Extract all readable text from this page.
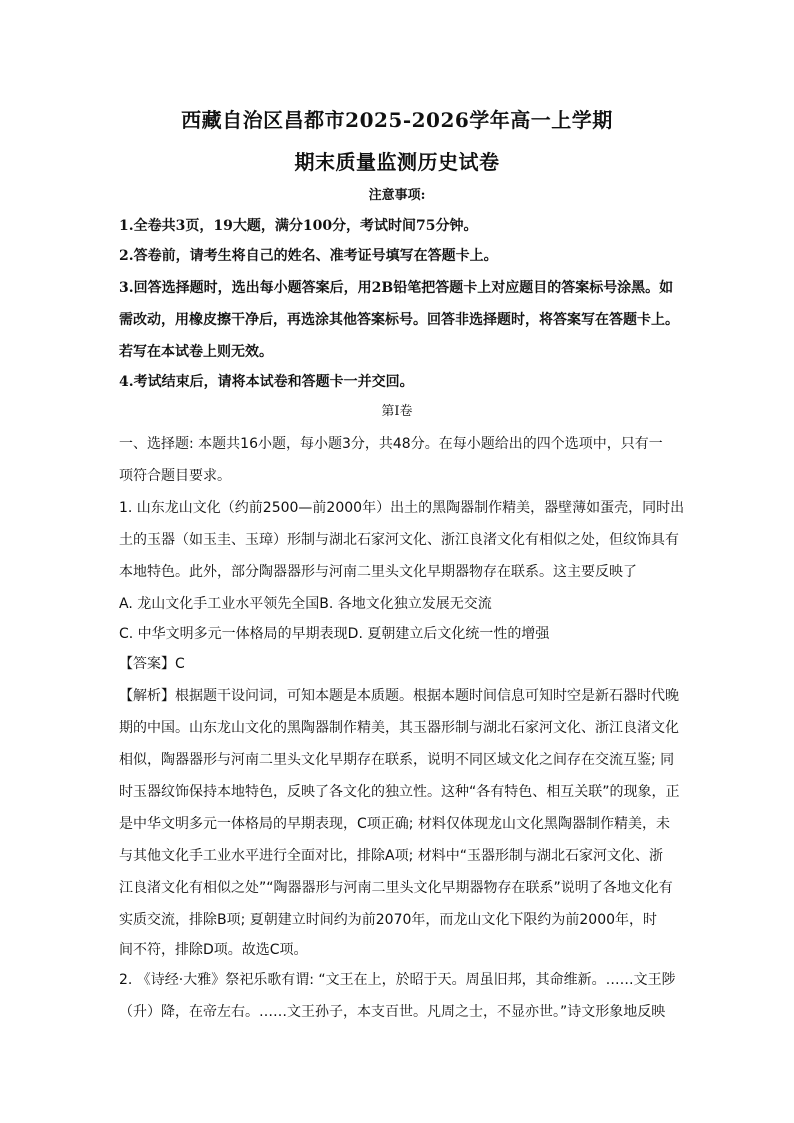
西藏自治区昌都市2025-2026学年高一上学期
期末质量监测历史试卷
注意事项:
1.全卷共3页，19大题，满分100分，考试时间75分钟。
2.答卷前，请考生将自己的姓名、准考证号填写在答题卡上。
3.回答选择题时，选出每小题答案后，用2B铅笔把答题卡上对应题目的答案标号涂黑。如
需改动，用橡皮擦干净后，再选涂其他答案标号。回答非选择题时，将答案写在答题卡上。
若写在本试卷上则无效。
4.考试结束后，请将本试卷和答题卡一并交回。
第Ⅰ卷
一、选择题: 本题共16小题，每小题3分，共48分。在每小题给出的四个选项中，只有一
项符合题目要求。
1. 山东龙山文化（约前2500—前2000年）出土的黑陶器制作精美，器壁薄如蛋壳，同时出
土的玉器（如玉圭、玉璋）形制与湖北石家河文化、浙江良渚文化有相似之处，但纹饰具有
本地特色。此外，部分陶器器形与河南二里头文化早期器物存在联系。这主要反映了
A. 龙山文化手工业水平领先全国B. 各地文化独立发展无交流
C. 中华文明多元一体格局的早期表现D. 夏朝建立后文化统一性的增强
【答案】C
【解析】根据题干设问词，可知本题是本质题。根据本题时间信息可知时空是新石器时代晚
期的中国。山东龙山文化的黑陶器制作精美，其玉器形制与湖北石家河文化、浙江良渚文化
相似，陶器器形与河南二里头文化早期存在联系，说明不同区域文化之间存在交流互鉴; 同
时玉器纹饰保持本地特色，反映了各文化的独立性。这种“各有特色、相互关联”的现象，正
是中华文明多元一体格局的早期表现，C项正确; 材料仅体现龙山文化黑陶器制作精美，未
与其他文化手工业水平进行全面对比，排除A项; 材料中“玉器形制与湖北石家河文化、浙
江良渚文化有相似之处”“陶器器形与河南二里头文化早期器物存在联系”说明了各地文化有
实质交流，排除B项; 夏朝建立时间约为前2070年，而龙山文化下限约为前2000年，时
间不符，排除D项。故选C项。
2. 《诗经·大雅》祭祀乐歌有谓: “文王在上，於昭于天。周虽旧邦，其命维新。……文王陟
（升）降，在帝左右。……文王孙子，本支百世。凡周之士，不显亦世。”诗文形象地反映
